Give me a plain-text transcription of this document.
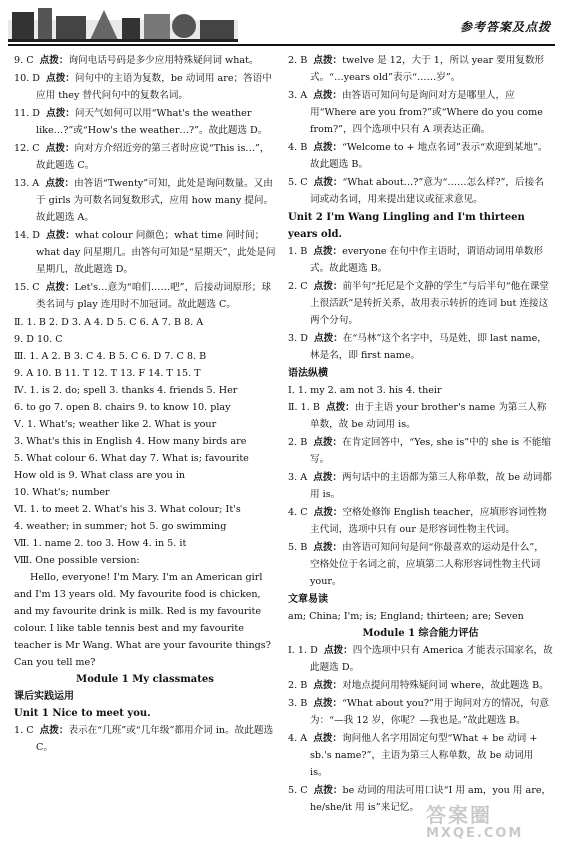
参考答案及点拨
9. C 点拨：询问电话号码是多少应用特殊疑问词 what。
10. D 点拨：问句中的主语为复数，be 动词用 are；答语中应用 they 替代问句中的复数名词。
11. D 点拨：问天气如何可以用“What's the weather like…?”或“How's the weather…?”。故此题选 D。
12. C 点拨：向对方介绍近旁的第三者时应说“This is…”，故此题选 C。
13. A 点拨：由答语“Twenty”可知，此处是询问数量。又由于 girls 为可数名词复数形式，应用 how many 提问。故此题选 A。
14. D 点拨：what colour 问颜色；what time 问时间；what day 问星期几。由答句可知是“星期天”，此处是问星期几，故此题选 D。
15. C 点拨：Let's…意为“咱们……吧”，后接动词原形；球类名词与 play 连用时不加冠词。故此题选 C。
Ⅱ. 1. B 2. D 3. A 4. D 5. C 6. A 7. B 8. A
9. D 10. C
Ⅲ. 1. A 2. B 3. C 4. B 5. C 6. D 7. C 8. B
9. A 10. B 11. T 12. T 13. F 14. T 15. T
Ⅳ. 1. is 2. do; spell 3. thanks 4. friends 5. Her
6. to go 7. open 8. chairs 9. to know 10. play
Ⅴ. 1. What's; weather like 2. What is your
3. What's this in English 4. How many birds are
5. What colour 6. What day 7. What is; favourite
How old is 9. What class are you in
10. What's; number
Ⅵ. 1. to meet 2. What's his 3. What colour; It's
4. weather; in summer; hot 5. go swimming
Ⅶ. 1. name 2. too 3. How 4. in 5. it
Ⅷ. One possible version:
Hello, everyone! I'm Mary. I'm an American girl and I'm 13 years old. My favourite food is chicken, and my favourite drink is milk. Red is my favourite colour. I like table tennis best and my favourite teacher is Mr Wang. What are your favourite things? Can you tell me?
Module 1 My classmates
课后实践运用
Unit 1 Nice to meet you.
1. C 点拨：表示在“几班”或“几年级”都用介词 in。故此题选 C。
2. B 点拨：twelve 是 12，大于 1，所以 year 要用复数形式。“…years old”表示“……岁”。
3. A 点拨：由答语可知问句是询问对方是哪里人，应用“Where are you from?”或“Where do you come from?”，四个选项中只有 A 项表达正确。
4. B 点拨：“Welcome to + 地点名词”表示“欢迎到某地”。故此题选 B。
5. C 点拨：“What about…?”意为“……怎么样?”，后接名词或动名词，用来提出建议或征求意见。
Unit 2 I'm Wang Lingling and I'm thirteen years old.
1. B 点拨：everyone 在句中作主语时，谓语动词用单数形式。故此题选 B。
2. C 点拨：前半句“托尼是个文静的学生”与后半句“他在课堂上很活跃”是转折关系，故用表示转折的连词 but 连接这两个分句。
3. D 点拨：在“马林”这个名字中，马是姓，即 last name，林是名，即 first name。
语法纵横
Ⅰ. 1. my 2. am not 3. his 4. their
Ⅱ. 1. B 点拨：由于主语 your brother's name 为第三人称单数，故 be 动词用 is。
2. B 点拨：在肯定回答中，“Yes, she is”中的 she is 不能缩写。
3. A 点拨：两句话中的主语都为第三人称单数，故 be 动词都用 is。
4. C 点拨：空格处修饰 English teacher，应填形容词性物主代词，选项中只有 our 是形容词性物主代词。
5. B 点拨：由答语可知问句是问“你最喜欢的运动是什么”，空格处位于名词之前，应填第二人称形容词性物主代词 your。
文章易读
am; China; I'm; is; England; thirteen; are; Seven
Module 1 综合能力评估
Ⅰ. 1. D 点拨：四个选项中只有 America 才能表示国家名，故此题选 D。
2. B 点拨：对地点提问用特殊疑问词 where，故此题选 B。
3. B 点拨：“What about you?”用于询问对方的情况，句意为：“—我 12 岁，你呢？—我也是。”故此题选 B。
4. A 点拨：询问他人名字用固定句型“What + be 动词 + sb.'s name?”，主语为第三人称单数，故 be 动词用 is。
5. C 点拨：be 动词的用法可用口诀“I 用 am，you 用 are，he/she/it 用 is”来记忆。 答案圈
MXQE.COM
